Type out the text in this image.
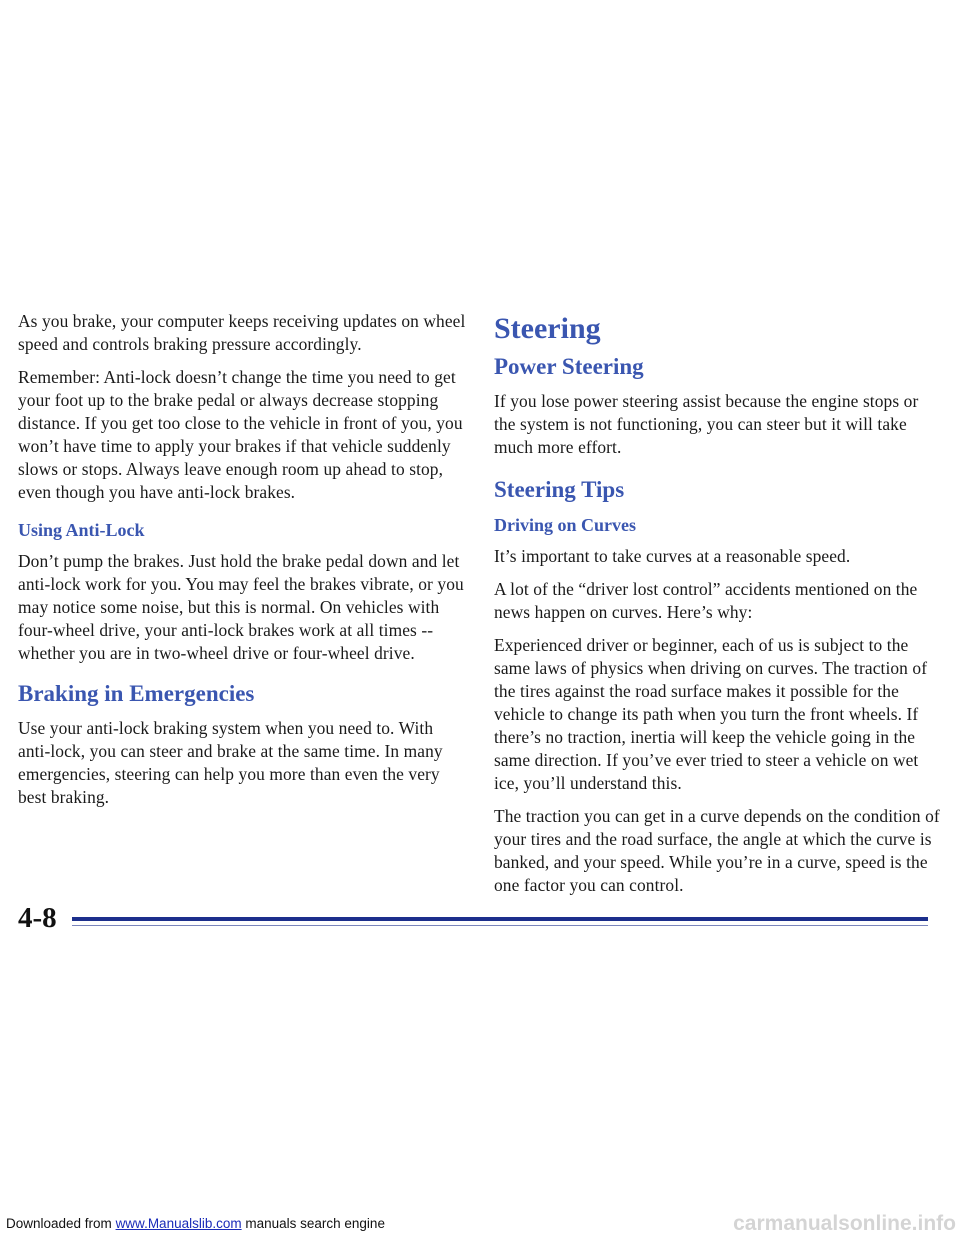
As you brake, your computer keeps receiving updates on wheel speed and controls braking pressure accordingly.

Remember: Anti-lock doesn’t change the time you need to get your foot up to the brake pedal or always decrease stopping distance. If you get too close to the vehicle in front of you, you won’t have time to apply your brakes if that vehicle suddenly slows or stops. Always leave enough room up ahead to stop, even though you have anti-lock brakes.

Using Anti-Lock

Don’t pump the brakes. Just hold the brake pedal down and let anti-lock work for you. You may feel the brakes vibrate, or you may notice some noise, but this is normal. On vehicles with four-wheel drive, your anti-lock brakes work at all times -- whether you are in two-wheel drive or four-wheel drive.

Braking in Emergencies

Use your anti-lock braking system when you need to. With anti-lock, you can steer and brake at the same time. In many emergencies, steering can help you more than even the very best braking.

Steering
Power Steering

If you lose power steering assist because the engine stops or the system is not functioning, you can steer but it will take much more effort.

Steering Tips
Driving on Curves

It’s important to take curves at a reasonable speed.

A lot of the “driver lost control” accidents mentioned on the news happen on curves. Here’s why:

Experienced driver or beginner, each of us is subject to the same laws of physics when driving on curves. The traction of the tires against the road surface makes it possible for the vehicle to change its path when you turn the front wheels. If there’s no traction, inertia will keep the vehicle going in the same direction. If you’ve ever tried to steer a vehicle on wet ice, you’ll understand this.

The traction you can get in a curve depends on the condition of your tires and the road surface, the angle at which the curve is banked, and your speed. While you’re in a curve, speed is the one factor you can control.

4-8
Downloaded from www.Manualslib.com manuals search engine	carmanualsonline.info
